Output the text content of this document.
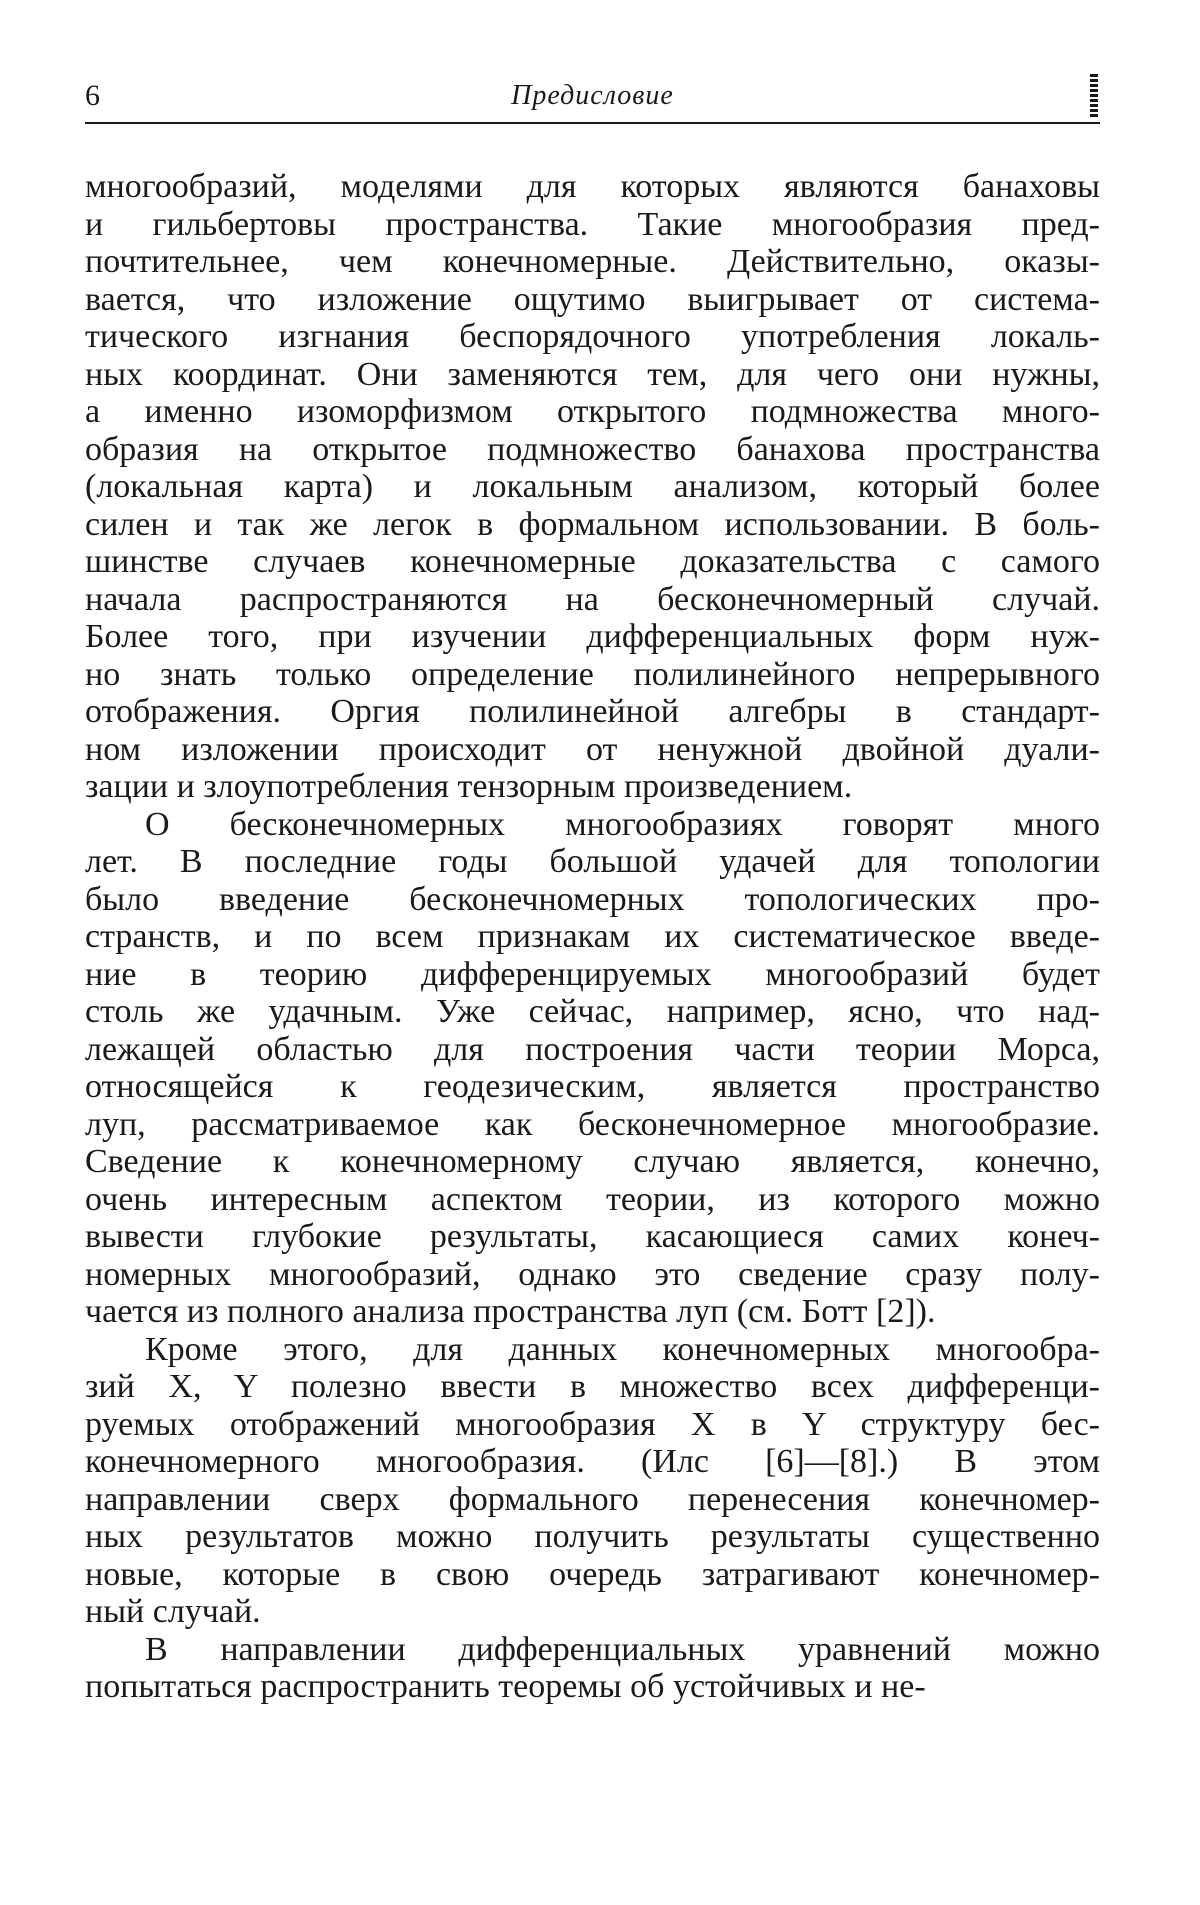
6	Предисловие
многообразий, моделями для которых являются банаховы
и гильбертовы пространства. Такие многообразия пред-
почтительнее, чем конечномерные. Действительно, оказы-
вается, что изложение ощутимо выигрывает от система-
тического изгнания беспорядочного употребления локаль-
ных координат. Они заменяются тем, для чего они нужны,
а именно изоморфизмом открытого подмножества много-
образия на открытое подмножество банахова пространства
(локальная карта) и локальным анализом, который более
силен и так же легок в формальном использовании. В боль-
шинстве случаев конечномерные доказательства с самого
начала распространяются на бесконечномерный случай.
Более того, при изучении дифференциальных форм нуж-
но знать только определение полилинейного непрерывного
отображения. Оргия полилинейной алгебры в стандарт-
ном изложении происходит от ненужной двойной дуали-
зации и злоупотребления тензорным произведением.
О бесконечномерных многообразиях говорят много
лет. В последние годы большой удачей для топологии
было введение бесконечномерных топологических про-
странств, и по всем признакам их систематическое введе-
ние в теорию дифференцируемых многообразий будет
столь же удачным. Уже сейчас, например, ясно, что над-
лежащей областью для построения части теории Морса,
относящейся к геодезическим, является пространство
луп, рассматриваемое как бесконечномерное многообразие.
Сведение к конечномерному случаю является, конечно,
очень интересным аспектом теории, из которого можно
вывести глубокие результаты, касающиеся самих конеч-
номерных многообразий, однако это сведение сразу полу-
чается из полного анализа пространства луп (см. Ботт [2]).
Кроме этого, для данных конечномерных многообра-
зий X, Y полезно ввести в множество всех дифференци-
руемых отображений многообразия X в Y структуру бес-
конечномерного многообразия. (Илс [6]—[8].) В этом
направлении сверх формального перенесения конечномер-
ных результатов можно получить результаты существенно
новые, которые в свою очередь затрагивают конечномер-
ный случай.
В направлении дифференциальных уравнений можно
попытаться распространить теоремы об устойчивых и не-
